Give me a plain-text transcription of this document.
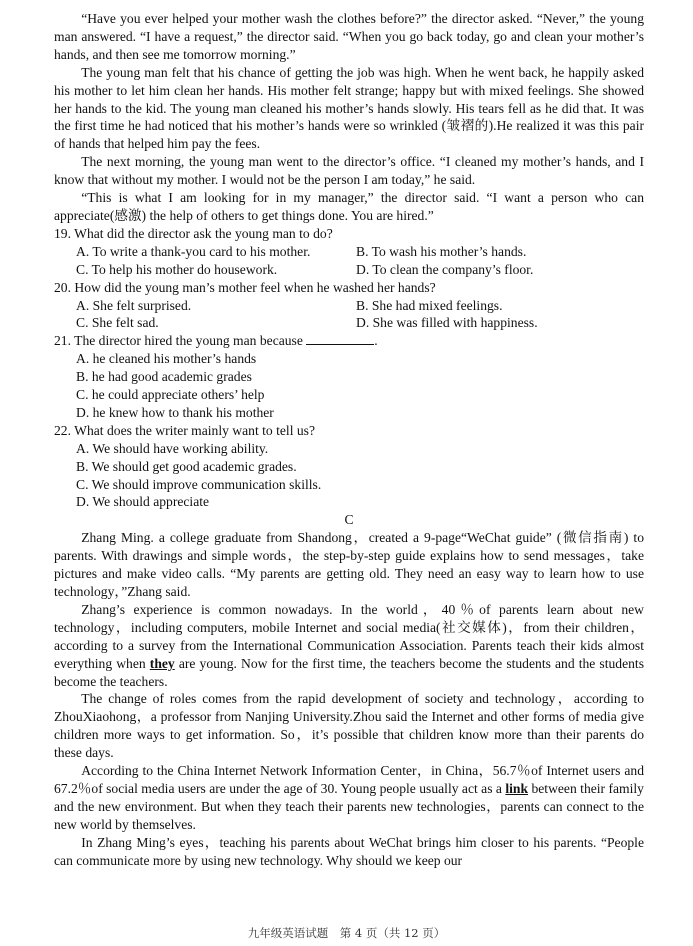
“Have you ever helped your mother wash the clothes before?” the director asked. “Never,” the young man answered. “I have a request,” the director said. “When you go back today, go and clean your mother’s hands, and then see me tomorrow morning.”

The young man felt that his chance of getting the job was high. When he went back, he happily asked his mother to let him clean her hands. His mother felt strange; happy but with mixed feelings. She showed her hands to the kid. The young man cleaned his mother’s hands slowly. His tears fell as he did that. It was the first time he had noticed that his mother’s hands were so wrinkled (皱褶的).He realized it was this pair of hands that helped him pay the fees.

The next morning, the young man went to the director’s office. “I cleaned my mother’s hands, and I know that without my mother. I would not be the person I am today,” he said.

“This is what I am looking for in my manager,” the director said. “I want a person who can appreciate(感激) the help of others to get things done. You are hired.”

19. What did the director ask the young man to do?

A. To write a thank-you card to his mother.	B. To wash his mother’s hands.

C. To help his mother do housework.	D. To clean the company’s floor.

20. How did the young man’s mother feel when he washed her hands?

A. She felt surprised.	B. She had mixed feelings.

C. She felt sad.	D. She was filled with happiness.

21. The director hired the young man because	.

A. he cleaned his mother’s hands

B. he had good academic grades

C. he could appreciate others’ help

D. he knew how to thank his mother

22. What does the writer mainly want to tell us?

A. We should have working ability.

B. We should get good academic grades.

C. We should improve communication skills.

D. We should appreciate

C

Zhang Ming. a college graduate from Shandong，created a 9-page“WeChat guide” (微信指南) to parents. With drawings and simple words，the step-by-step guide explains how to send messages，take pictures and make video calls. “My parents are getting old. They need an easy way to learn how to use technology，”Zhang said.

Zhang’s experience is common nowadays. In the world，40％of parents learn about new technology，including computers, mobile Internet and social media(社交媒体)，from their children，according to a survey from the International Communication Association. Parents teach their kids almost everything when they are young. Now for the first time, the teachers become the students and the students become the teachers.

The change of roles comes from the rapid development of society and technology，according to ZhouXiaohong，a professor from Nanjing University.Zhou said the Internet and other forms of media give children more ways to get information. So，it’s possible that children know more than their parents do these days.

According to the China Internet Network Information Center，in China，56.7％of Internet users and 67.2％of social media users are under the age of 30. Young people usually act as a link between their family and the new environment. But when they teach their parents new technologies，parents can connect to the new world by themselves.

In Zhang Ming’s eyes，teaching his parents about WeChat brings him closer to his parents. “People can communicate more by using new technology. Why should we keep our

九年级英语试题　第 4 页（共 12 页）
